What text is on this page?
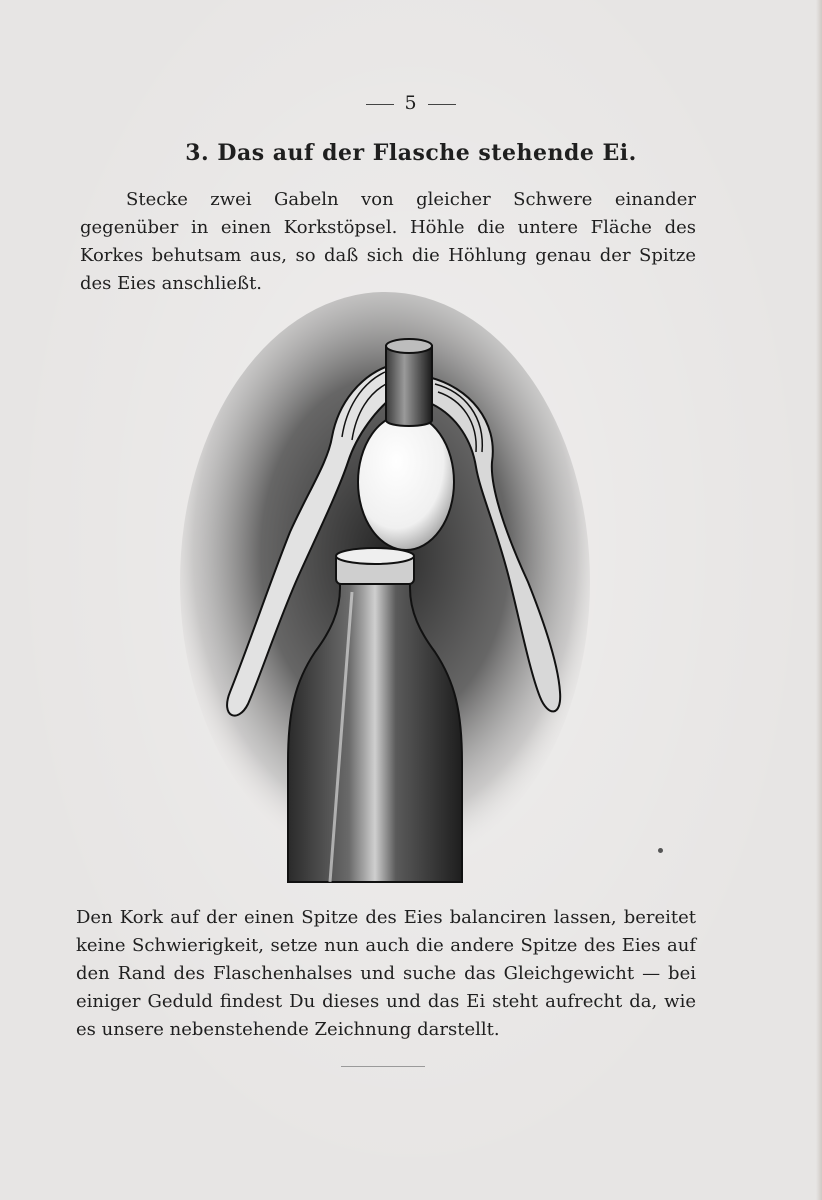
5
3. Das auf der Flasche stehende Ei.
Stecke zwei Gabeln von gleicher Schwere einander gegenüber in einen Korkstöpsel. Höhle die untere Fläche des Korkes behutsam aus, so daß sich die Höhlung genau der Spitze des Eies anschließt.
Den Kork auf der einen Spitze des Eies balanciren lassen, bereitet keine Schwierigkeit, setze nun auch die andere Spitze des Eies auf den Rand des Flaschenhalses und suche das Gleichgewicht — bei einiger Geduld findest Du dieses und das Ei steht aufrecht da, wie es unsere nebenstehende Zeichnung darstellt.
